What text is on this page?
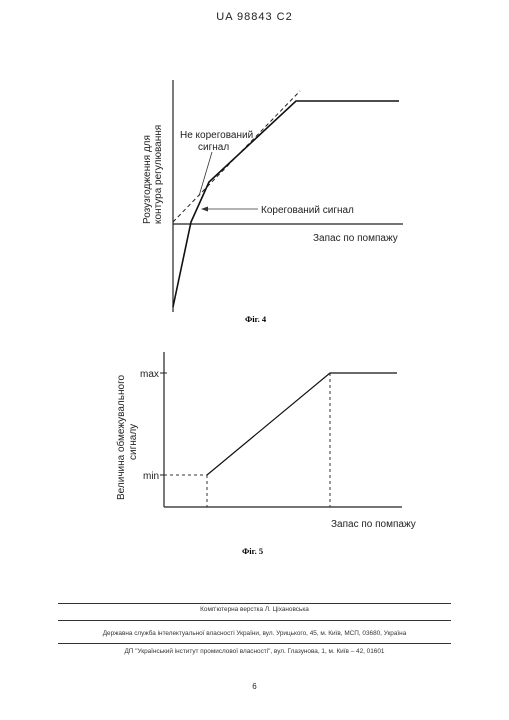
UA 98843 C2
Розузгодження для контура регулювання
Запас по помпажу
Не корегований
сигнал
Корегований сигнал
Фіг. 4
max
min
Величина обмежувального сигналу
Запас по помпажу
Фіг. 5
Комп'ютерна верстка Л. Ціхановська
Державна служба інтелектуальної власності України, вул. Урицького, 45, м. Київ, МСП, 03680, Україна
ДП "Український інститут промислової власності", вул. Глазунова, 1, м. Київ – 42, 01601
6
